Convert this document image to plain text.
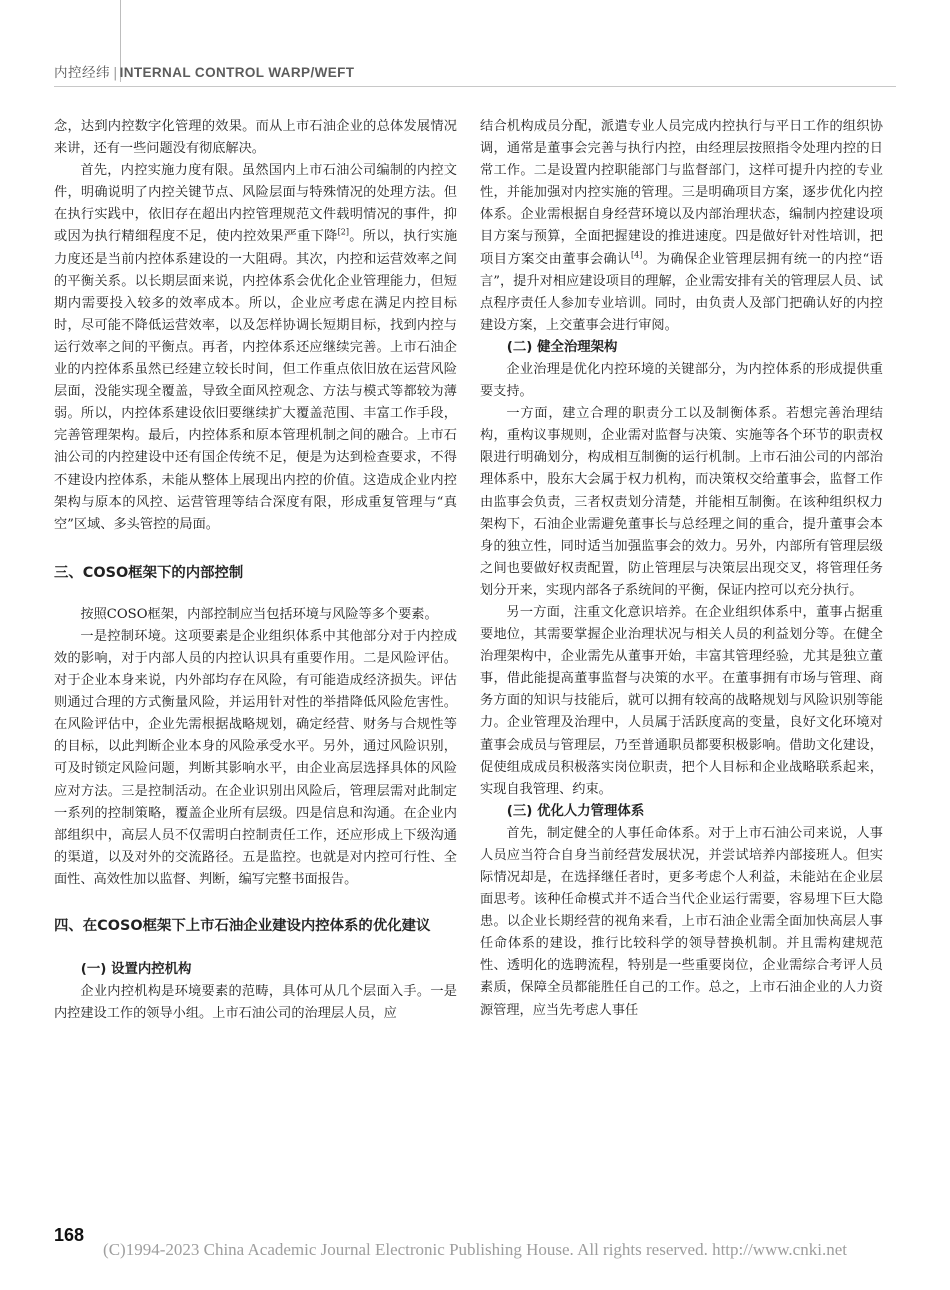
内控经纬 | INTERNAL CONTROL WARP/WEFT

念，达到内控数字化管理的效果。而从上市石油企业的总体发展情况来讲，还有一些问题没有彻底解决。

首先，内控实施力度有限。虽然国内上市石油公司编制的内控文件，明确说明了内控关键节点、风险层面与特殊情况的处理方法。但在执行实践中，依旧存在超出内控管理规范文件载明情况的事件，抑或因为执行精细程度不足，使内控效果严重下降[2]。所以，执行实施力度还是当前内控体系建设的一大阻碍。其次，内控和运营效率之间的平衡关系。以长期层面来说，内控体系会优化企业管理能力，但短期内需要投入较多的效率成本。所以，企业应考虑在满足内控目标时，尽可能不降低运营效率，以及怎样协调长短期目标，找到内控与运行效率之间的平衡点。再者，内控体系还应继续完善。上市石油企业的内控体系虽然已经建立较长时间，但工作重点依旧放在运营风险层面，没能实现全覆盖，导致全面风控观念、方法与模式等都较为薄弱。所以，内控体系建设依旧要继续扩大覆盖范围、丰富工作手段，完善管理架构。最后，内控体系和原本管理机制之间的融合。上市石油公司的内控建设中还有国企传统不足，便是为达到检查要求，不得不建设内控体系，未能从整体上展现出内控的价值。这造成企业内控架构与原本的风控、运营管理等结合深度有限，形成重复管理与“真空”区域、多头管控的局面。

三、COSO框架下的内部控制

按照COSO框架，内部控制应当包括环境与风险等多个要素。

一是控制环境。这项要素是企业组织体系中其他部分对于内控成效的影响，对于内部人员的内控认识具有重要作用。二是风险评估。对于企业本身来说，内外部均存在风险，有可能造成经济损失。评估则通过合理的方式衡量风险，并运用针对性的举措降低风险危害性。在风险评估中，企业先需根据战略规划，确定经营、财务与合规性等的目标，以此判断企业本身的风险承受水平。另外，通过风险识别，可及时锁定风险问题，判断其影响水平，由企业高层选择具体的风险应对方法。三是控制活动。在企业识别出风险后，管理层需对此制定一系列的控制策略，覆盖企业所有层级。四是信息和沟通。在企业内部组织中，高层人员不仅需明白控制责任工作，还应形成上下级沟通的渠道，以及对外的交流路径。五是监控。也就是对内控可行性、全面性、高效性加以监督、判断，编写完整书面报告。

四、在COSO框架下上市石油企业建设内控体系的优化建议
(一) 设置内控机构

企业内控机构是环境要素的范畴，具体可从几个层面入手。一是内控建设工作的领导小组。上市石油公司的治理层人员，应

结合机构成员分配，派遣专业人员完成内控执行与平日工作的组织协调，通常是董事会完善与执行内控，由经理层按照指令处理内控的日常工作。二是设置内控职能部门与监督部门，这样可提升内控的专业性，并能加强对内控实施的管理。三是明确项目方案，逐步优化内控体系。企业需根据自身经营环境以及内部治理状态，编制内控建设项目方案与预算，全面把握建设的推进速度。四是做好针对性培训，把项目方案交由董事会确认[4]。为确保企业管理层拥有统一的内控“语言”，提升对相应建设项目的理解，企业需安排有关的管理层人员、试点程序责任人参加专业培训。同时，由负责人及部门把确认好的内控建设方案，上交董事会进行审阅。

(二) 健全治理架构

企业治理是优化内控环境的关键部分，为内控体系的形成提供重要支持。

一方面，建立合理的职责分工以及制衡体系。若想完善治理结构，重构议事规则，企业需对监督与决策、实施等各个环节的职责权限进行明确划分，构成相互制衡的运行机制。上市石油公司的内部治理体系中，股东大会属于权力机构，而决策权交给董事会，监督工作由监事会负责，三者权责划分清楚，并能相互制衡。在该种组织权力架构下，石油企业需避免董事长与总经理之间的重合，提升董事会本身的独立性，同时适当加强监事会的效力。另外，内部所有管理层级之间也要做好权责配置，防止管理层与决策层出现交叉，将管理任务划分开来，实现内部各子系统间的平衡，保证内控可以充分执行。

另一方面，注重文化意识培养。在企业组织体系中，董事占据重要地位，其需要掌握企业治理状况与相关人员的利益划分等。在健全治理架构中，企业需先从董事开始，丰富其管理经验，尤其是独立董事，借此能提高董事监督与决策的水平。在董事拥有市场与管理、商务方面的知识与技能后，就可以拥有较高的战略规划与风险识别等能力。企业管理及治理中，人员属于活跃度高的变量，良好文化环境对董事会成员与管理层，乃至普通职员都要积极影响。借助文化建设，促使组成成员积极落实岗位职责，把个人目标和企业战略联系起来，实现自我管理、约束。

(三) 优化人力管理体系

首先，制定健全的人事任命体系。对于上市石油公司来说，人事人员应当符合自身当前经营发展状况，并尝试培养内部接班人。但实际情况却是，在选择继任者时，更多考虑个人利益，未能站在企业层面思考。该种任命模式并不适合当代企业运行需要，容易埋下巨大隐患。以企业长期经营的视角来看，上市石油企业需全面加快高层人事任命体系的建设，推行比较科学的领导替换机制。并且需构建规范性、透明化的选聘流程，特别是一些重要岗位，企业需综合考评人员素质，保障全员都能胜任自己的工作。总之，上市石油企业的人力资源管理，应当先考虑人事任

168
(C)1994-2023 China Academic Journal Electronic Publishing House. All rights reserved. http://www.cnki.net
